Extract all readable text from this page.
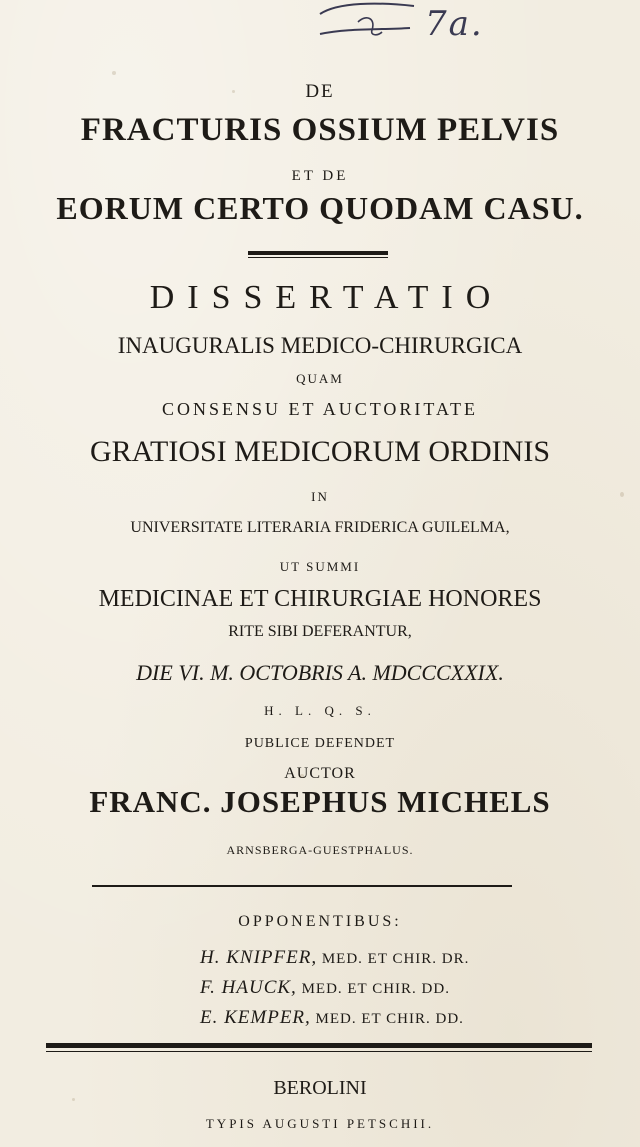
7a.
DE
FRACTURIS OSSIUM PELVIS
ET DE
EORUM CERTO QUODAM CASU.
DISSERTATIO
INAUGURALIS MEDICO-CHIRURGICA
QUAM
CONSENSU ET AUCTORITATE
GRATIOSI MEDICORUM ORDINIS
IN
UNIVERSITATE LITERARIA FRIDERICA GUILELMA,
UT SUMMI
MEDICINAE ET CHIRURGIAE HONORES
RITE SIBI DEFERANTUR,
DIE VI. M. OCTOBRIS A. MDCCCXXIX.
H. L. Q. S.
PUBLICE DEFENDET
AUCTOR
FRANC. JOSEPHUS MICHELS
ARNSBERGA-GUESTPHALUS.
OPPONENTIBUS:
H. KNIPFER, MED. ET CHIR. DR.
F. HAUCK, MED. ET CHIR. DD.
E. KEMPER, MED. ET CHIR. DD.
BEROLINI
TYPIS AUGUSTI PETSCHII.
